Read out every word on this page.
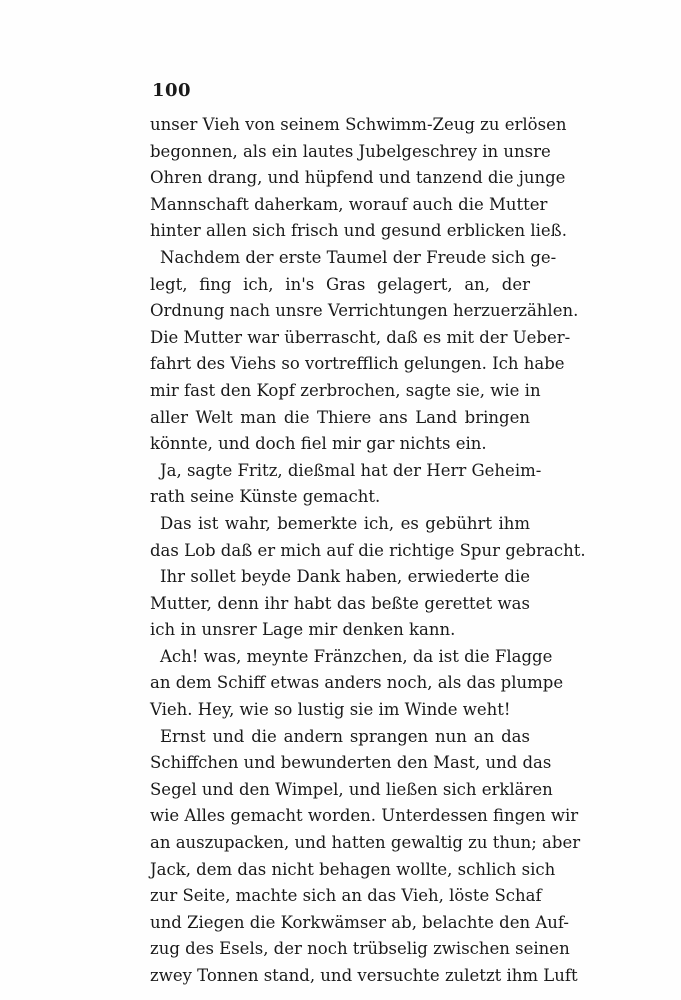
100
unser Vieh von seinem Schwimm-Zeug zu erlösen
begonnen, als ein lautes Jubelgeschrey in unsre
Ohren drang, und hüpfend und tanzend die junge
Mannschaft daherkam, worauf auch die Mutter
hinter allen sich frisch und gesund erblicken ließ.
Nachdem der erste Taumel der Freude sich ge-
legt, fing ich, in's Gras gelagert, an, der
Ordnung nach unsre Verrichtungen herzuerzählen.
Die Mutter war überrascht, daß es mit der Ueber-
fahrt des Viehs so vortrefflich gelungen. Ich habe
mir fast den Kopf zerbrochen, sagte sie, wie in
aller Welt man die Thiere ans Land bringen
könnte, und doch fiel mir gar nichts ein.
Ja, sagte Fritz, dießmal hat der Herr Geheim-
rath seine Künste gemacht.
Das ist wahr, bemerkte ich, es gebührt ihm
das Lob daß er mich auf die richtige Spur gebracht.
Ihr sollet beyde Dank haben, erwiederte die
Mutter, denn ihr habt das beßte gerettet was
ich in unsrer Lage mir denken kann.
Ach! was, meynte Fränzchen, da ist die Flagge
an dem Schiff etwas anders noch, als das plumpe
Vieh. Hey, wie so lustig sie im Winde weht!
Ernst und die andern sprangen nun an das
Schiffchen und bewunderten den Mast, und das
Segel und den Wimpel, und ließen sich erklären
wie Alles gemacht worden. Unterdessen fingen wir
an auszupacken, und hatten gewaltig zu thun; aber
Jack, dem das nicht behagen wollte, schlich sich
zur Seite, machte sich an das Vieh, löste Schaf
und Ziegen die Korkwämser ab, belachte den Auf-
zug des Esels, der noch trübselig zwischen seinen
zwey Tonnen stand, und versuchte zuletzt ihm Luft
